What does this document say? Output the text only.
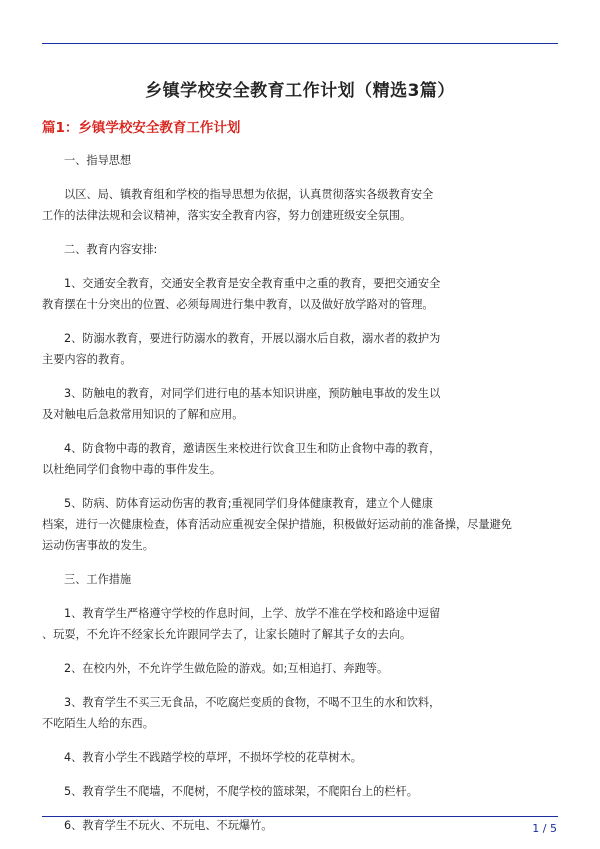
乡镇学校安全教育工作计划（精选3篇）
篇1：乡镇学校安全教育工作计划
一、指导思想
以区、局、镇教育组和学校的指导思想为依据，认真贯彻落实各级教育安全
工作的法律法规和会议精神，落实安全教育内容，努力创建班级安全氛围。
二、教育内容安排:
1、交通安全教育，交通安全教育是安全教育重中之重的教育，要把交通安全
教育摆在十分突出的位置、必须每周进行集中教育，以及做好放学路对的管理。
2、防溺水教育，要进行防溺水的教育，开展以溺水后自救，溺水者的救护为
主要内容的教育。
3、防触电的教育，对同学们进行电的基本知识讲座，预防触电事故的发生以
及对触电后急救常用知识的了解和应用。
4、防食物中毒的教育，邀请医生来校进行饮食卫生和防止食物中毒的教育，
以杜绝同学们食物中毒的事件发生。
5、防病、防体育运动伤害的教育;重视同学们身体健康教育，建立个人健康
档案，进行一次健康检查，体育活动应重视安全保护措施，积极做好运动前的准备操，尽量避免
运动伤害事故的发生。
三、工作措施
1、教育学生严格遵守学校的作息时间，上学、放学不准在学校和路途中逗留
、玩耍，不允许不经家长允许跟同学去了，让家长随时了解其子女的去向。
2、在校内外，不允许学生做危险的游戏。如;互相追打、奔跑等。
3、教育学生不买三无食品，不吃腐烂变质的食物，不喝不卫生的水和饮料，
不吃陌生人给的东西。
4、教育小学生不践踏学校的草坪，不损坏学校的花草树木。
5、教育学生不爬墙，不爬树，不爬学校的篮球架，不爬阳台上的栏杆。
6、教育学生不玩火、不玩电、不玩爆竹。	1 / 5
